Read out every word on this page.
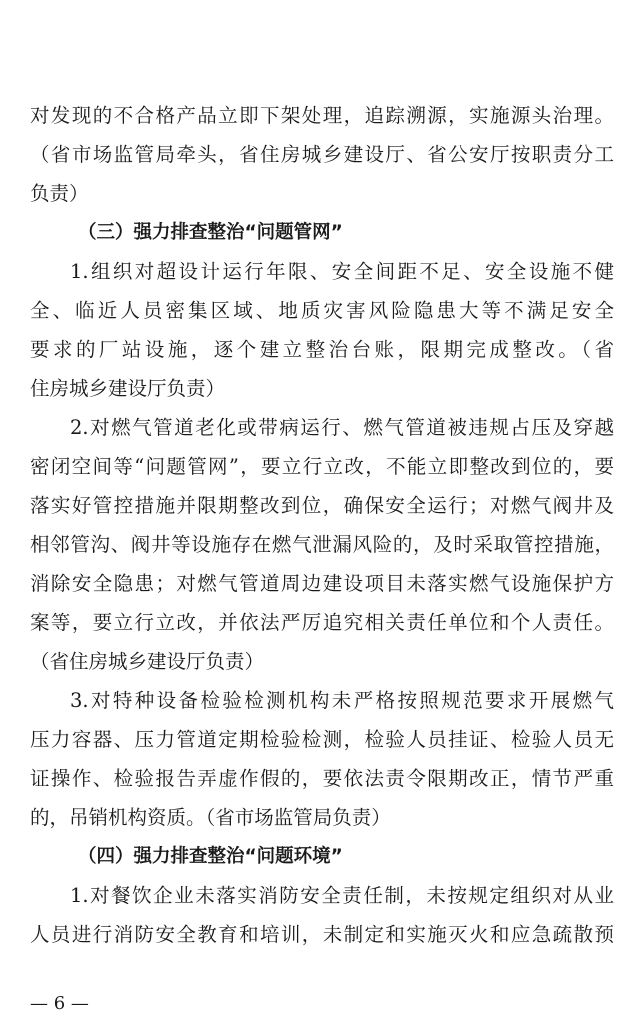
对发现的不合格产品立即下架处理，追踪溯源，实施源头治理。
（省市场监管局牵头，省住房城乡建设厅、省公安厅按职责分工
负责）
（三）强力排查整治“问题管网”
1.组织对超设计运行年限、安全间距不足、安全设施不健
全、临近人员密集区域、地质灾害风险隐患大等不满足安全
要求的厂站设施，逐个建立整治台账，限期完成整改。（省
住房城乡建设厅负责）
2.对燃气管道老化或带病运行、燃气管道被违规占压及穿越
密闭空间等“问题管网”，要立行立改，不能立即整改到位的，要
落实好管控措施并限期整改到位，确保安全运行；对燃气阀井及
相邻管沟、阀井等设施存在燃气泄漏风险的，及时采取管控措施，
消除安全隐患；对燃气管道周边建设项目未落实燃气设施保护方
案等，要立行立改，并依法严厉追究相关责任单位和个人责任。
（省住房城乡建设厅负责）
3.对特种设备检验检测机构未严格按照规范要求开展燃气
压力容器、压力管道定期检验检测，检验人员挂证、检验人员无
证操作、检验报告弄虚作假的，要依法责令限期改正，情节严重
的，吊销机构资质。（省市场监管局负责）
（四）强力排查整治“问题环境”
1.对餐饮企业未落实消防安全责任制，未按规定组织对从业
人员进行消防安全教育和培训，未制定和实施灭火和应急疏散预
— 6 —
